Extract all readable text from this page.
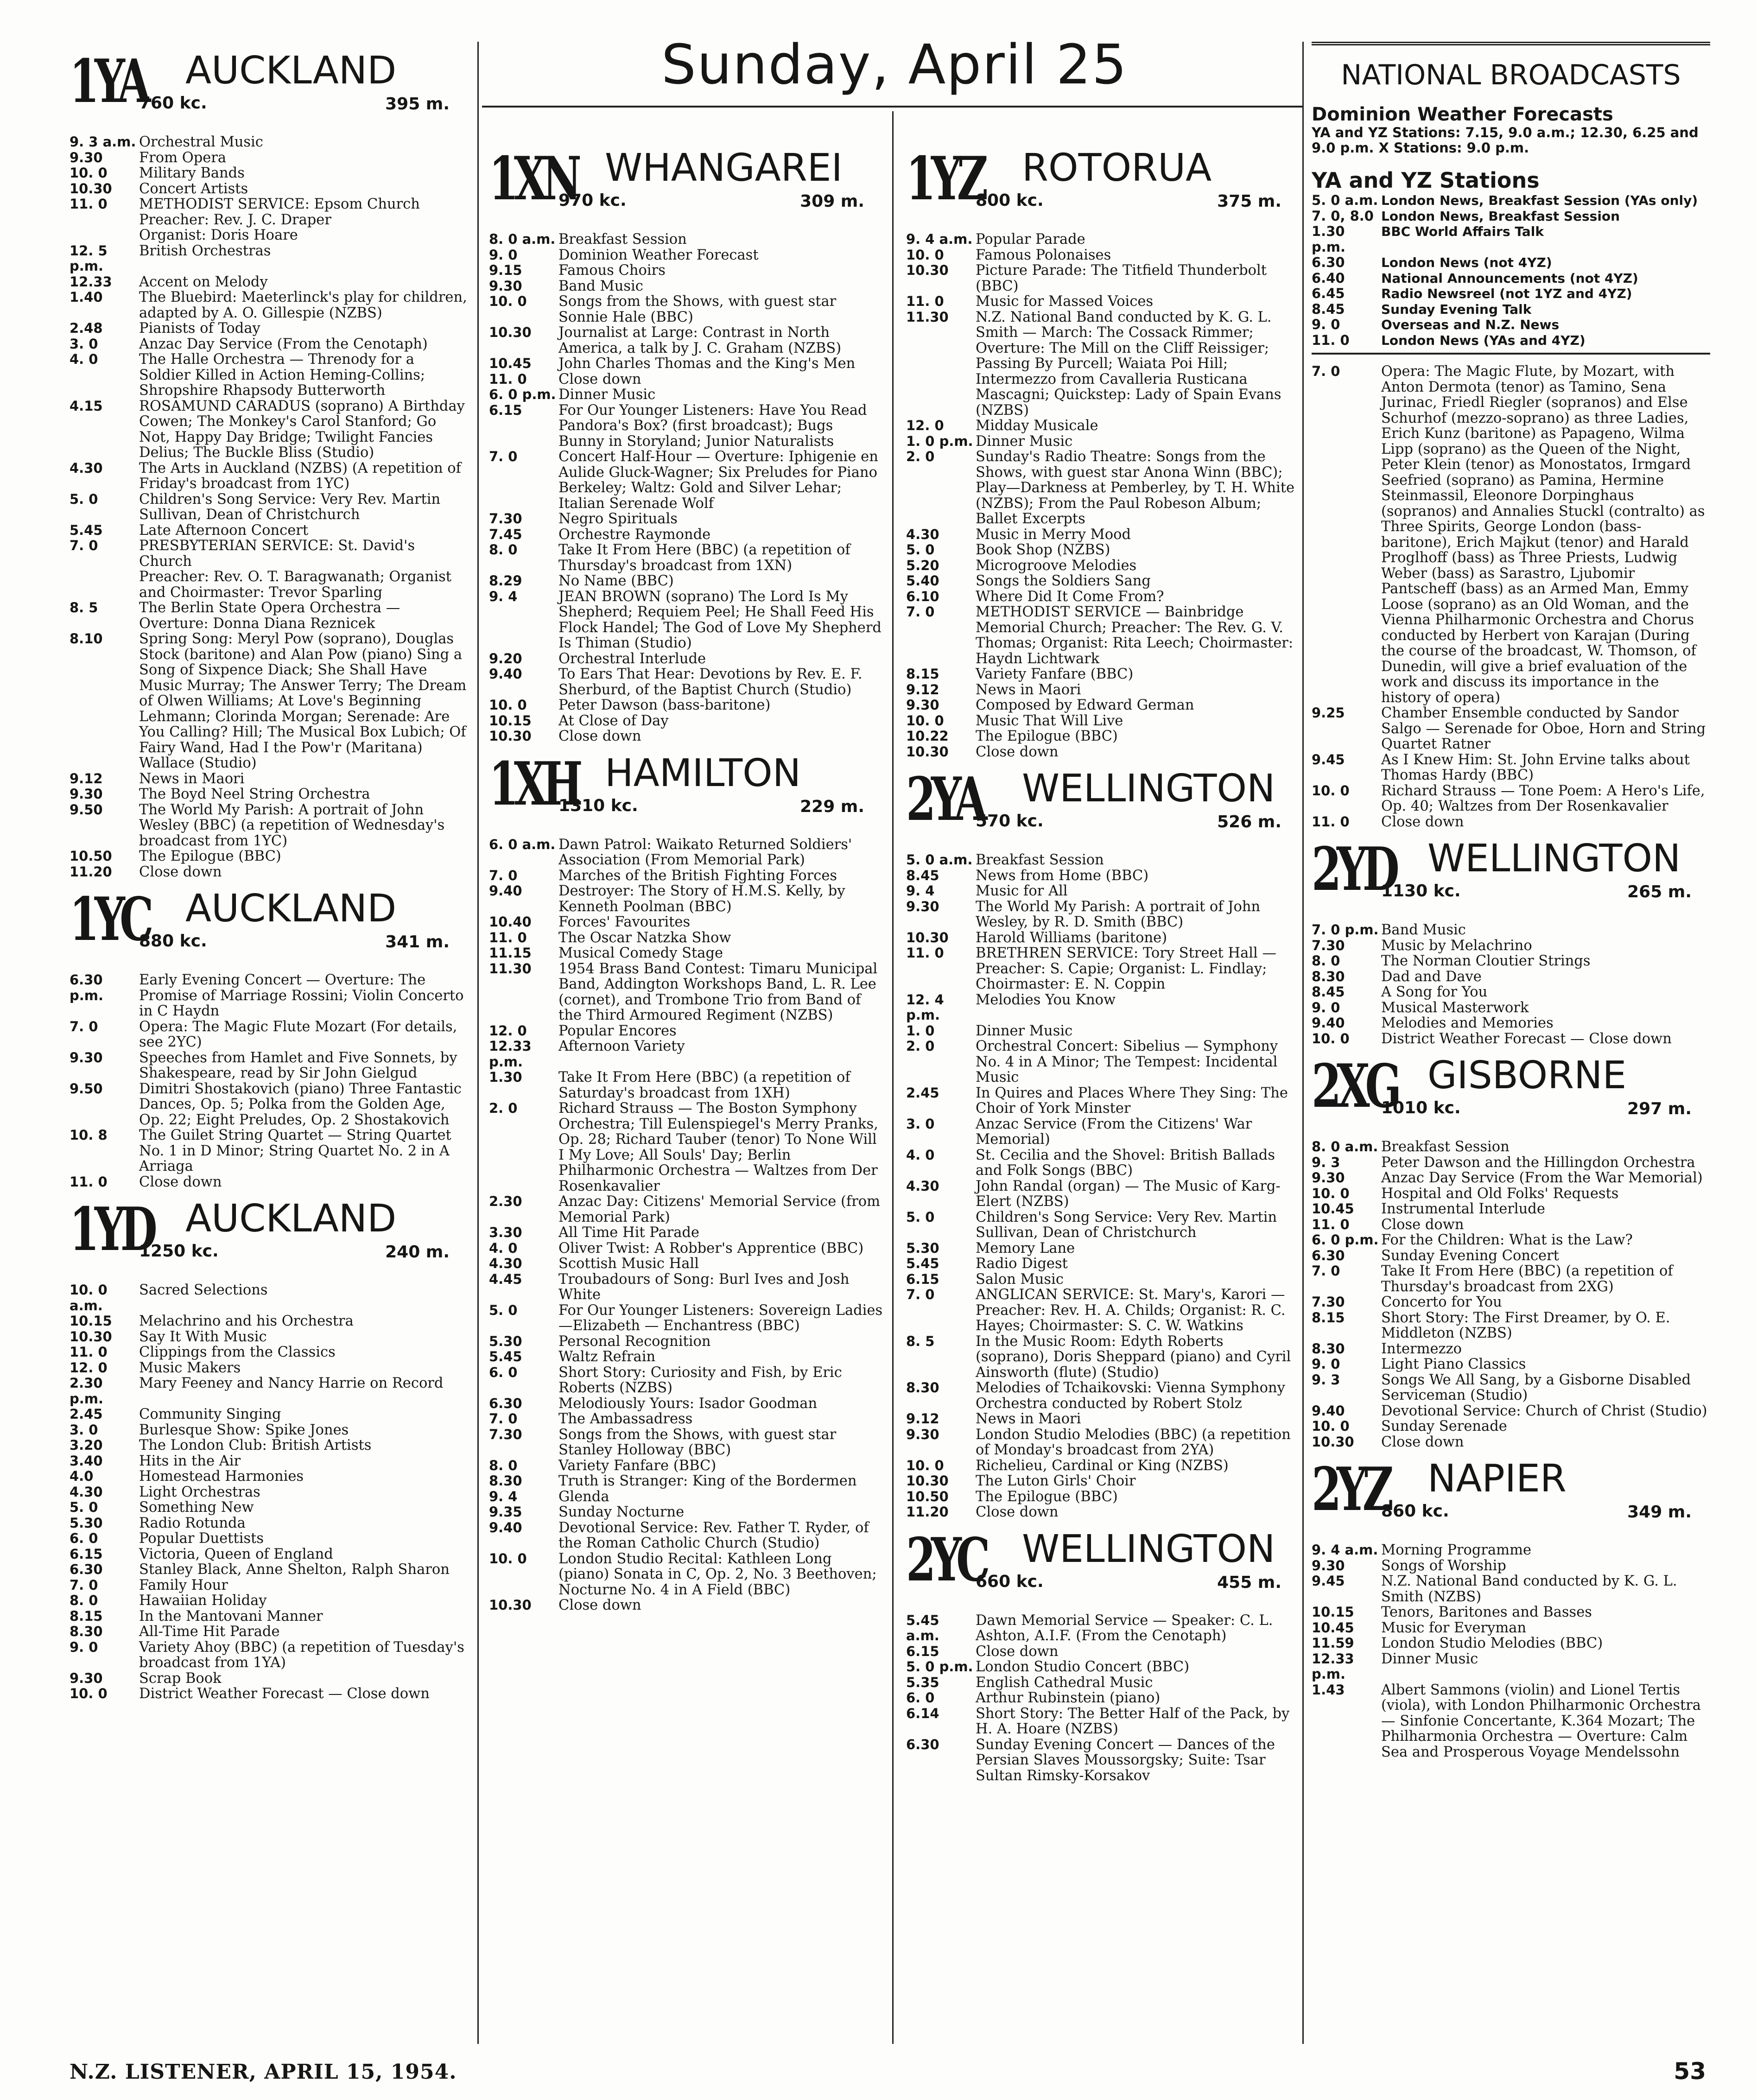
Sunday, April 25
1YA AUCKLAND
760 kc.	395 m.
9. 3 a.m. Orchestral Music
9.30	From Opera
10. 0	Military Bands
10.30	Concert Artists
11. 0	METHODIST SERVICE: Epsom Church
Preacher: Rev. J. C. Draper
Organist: Doris Hoare
12. 5 p.m.
British Orchestras
12.33	Accent on Melody
1.40	The Bluebird: Maeterlinck's play for children, adapted by A. O. Gillespie (NZBS)
2.48	Pianists of Today
3. 0	Anzac Day Service (From the Cenotaph)
4. 0	The Halle Orchestra — Threnody for a Soldier Killed in Action Heming-Collins; Shropshire Rhapsody Butterworth
4.15	ROSAMUND CARADUS (soprano) A Birthday Cowen; The Monkey's Carol Stanford; Go Not, Happy Day Bridge; Twilight Fancies Delius; The Buckle Bliss (Studio)
4.30	The Arts in Auckland (NZBS) (A repetition of Friday's broadcast from 1YC)
5. 0	Children's Song Service: Very Rev. Martin Sullivan, Dean of Christchurch
5.45	Late Afternoon Concert
7. 0	PRESBYTERIAN SERVICE: St. David's Church
Preacher: Rev. O. T. Baragwanath; Organist and Choirmaster: Trevor Sparling
8. 5	The Berlin State Opera Orchestra — Overture: Donna Diana Reznicek
8.10	Spring Song: Meryl Pow (soprano), Douglas Stock (baritone) and Alan Pow (piano) Sing a Song of Sixpence Diack; She Shall Have Music Murray; The Answer Terry; The Dream of Olwen Williams; At Love's Beginning Lehmann; Clorinda Morgan; Serenade: Are You Calling? Hill; The Musical Box Lubich; Of Fairy Wand, Had I the Pow'r (Maritana) Wallace (Studio)
9.12	News in Maori
9.30	The Boyd Neel String Orchestra
9.50	The World My Parish: A portrait of John Wesley (BBC) (a repetition of Wednesday's broadcast from 1YC)
10.50	The Epilogue (BBC)
11.20	Close down
1YC AUCKLAND
880 kc.	341 m.
6.30 p.m.
Early Evening Concert — Overture: The Promise of Marriage Rossini; Violin Concerto in C Haydn
7. 0	Opera: The Magic Flute Mozart (For details, see 2YC)
9.30	Speeches from Hamlet and Five Sonnets, by Shakespeare, read by Sir John Gielgud
9.50	Dimitri Shostakovich (piano) Three Fantastic Dances, Op. 5; Polka from the Golden Age, Op. 22; Eight Preludes, Op. 2 Shostakovich
10. 8	The Guilet String Quartet — String Quartet No. 1 in D Minor; String Quartet No. 2 in A Arriaga
11. 0	Close down
1YD AUCKLAND
1250 kc.	240 m.
10. 0 a.m.
Sacred Selections
10.15	Melachrino and his Orchestra
10.30	Say It With Music
11. 0	Clippings from the Classics
12. 0	Music Makers
2.30 p.m.
Mary Feeney and Nancy Harrie on Record
2.45	Community Singing
3. 0	Burlesque Show: Spike Jones
3.20	The London Club: British Artists
3.40	Hits in the Air
4.0	Homestead Harmonies
4.30	Light Orchestras
5. 0	Something New
5.30	Radio Rotunda
6. 0	Popular Duettists
6.15	Victoria, Queen of England
6.30	Stanley Black, Anne Shelton, Ralph Sharon
7. 0	Family Hour
8. 0	Hawaiian Holiday
8.15	In the Mantovani Manner
8.30	All-Time Hit Parade
9. 0	Variety Ahoy (BBC) (a repetition of Tuesday's broadcast from 1YA)
9.30	Scrap Book
10. 0	District Weather Forecast — Close down
1XN WHANGAREI
970 kc.	309 m.
8. 0 a.m. Breakfast Session
9. 0	Dominion Weather Forecast
9.15	Famous Choirs
9.30	Band Music
10. 0	Songs from the Shows, with guest star Sonnie Hale (BBC)
10.30	Journalist at Large: Contrast in North America, a talk by J. C. Graham (NZBS)
10.45	John Charles Thomas and the King's Men
11. 0	Close down
6. 0 p.m. Dinner Music
6.15	For Our Younger Listeners: Have You Read Pandora's Box? (first broadcast); Bugs Bunny in Storyland; Junior Naturalists
7. 0	Concert Half-Hour — Overture: Iphigenie en Aulide Gluck-Wagner; Six Preludes for Piano Berkeley; Waltz: Gold and Silver Lehar; Italian Serenade Wolf
7.30	Negro Spirituals
7.45	Orchestre Raymonde
8. 0	Take It From Here (BBC) (a repetition of Thursday's broadcast from 1XN)
8.29	No Name (BBC)
9. 4	JEAN BROWN (soprano) The Lord Is My Shepherd; Requiem Peel; He Shall Feed His Flock Handel; The God of Love My Shepherd Is Thiman (Studio)
9.20	Orchestral Interlude
9.40	To Ears That Hear: Devotions by Rev. E. F. Sherburd, of the Baptist Church (Studio)
10. 0	Peter Dawson (bass-baritone)
10.15	At Close of Day
10.30	Close down
1XH HAMILTON
1310 kc.	229 m.
6. 0 a.m. Dawn Patrol: Waikato Returned Soldiers' Association (From Memorial Park)
7. 0	Marches of the British Fighting Forces
9.40	Destroyer: The Story of H.M.S. Kelly, by Kenneth Poolman (BBC)
10.40	Forces' Favourites
11. 0	The Oscar Natzka Show
11.15	Musical Comedy Stage
11.30	1954 Brass Band Contest: Timaru Municipal Band, Addington Workshops Band, L. R. Lee (cornet), and Trombone Trio from Band of the Third Armoured Regiment (NZBS)
12. 0	Popular Encores
12.33 p.m.
Afternoon Variety
1.30	Take It From Here (BBC) (a repetition of Saturday's broadcast from 1XH)
2. 0	Richard Strauss — The Boston Symphony Orchestra; Till Eulenspiegel's Merry Pranks, Op. 28; Richard Tauber (tenor) To None Will I My Love; All Souls' Day; Berlin Philharmonic Orchestra — Waltzes from Der Rosenkavalier
2.30	Anzac Day: Citizens' Memorial Service (from Memorial Park)
3.30	All Time Hit Parade
4. 0	Oliver Twist: A Robber's Apprentice (BBC)
4.30	Scottish Music Hall
4.45	Troubadours of Song: Burl Ives and Josh White
5. 0	For Our Younger Listeners: Sovereign Ladies—Elizabeth — Enchantress (BBC)
5.30	Personal Recognition
5.45	Waltz Refrain
6. 0	Short Story: Curiosity and Fish, by Eric Roberts (NZBS)
6.30	Melodiously Yours: Isador Goodman
7. 0	The Ambassadress
7.30	Songs from the Shows, with guest star Stanley Holloway (BBC)
8. 0	Variety Fanfare (BBC)
8.30	Truth is Stranger: King of the Bordermen
9. 4	Glenda
9.35	Sunday Nocturne
9.40	Devotional Service: Rev. Father T. Ryder, of the Roman Catholic Church (Studio)
10. 0	London Studio Recital: Kathleen Long (piano) Sonata in C, Op. 2, No. 3 Beethoven; Nocturne No. 4 in A Field (BBC)
10.30	Close down
1YZ ROTORUA
800 kc.	375 m.
9. 4 a.m. Popular Parade
10. 0	Famous Polonaises
10.30	Picture Parade: The Titfield Thunderbolt (BBC)
11. 0	Music for Massed Voices
11.30	N.Z. National Band conducted by K. G. L. Smith — March: The Cossack Rimmer; Overture: The Mill on the Cliff Reissiger; Passing By Purcell; Waiata Poi Hill; Intermezzo from Cavalleria Rusticana Mascagni; Quickstep: Lady of Spain Evans (NZBS)
12. 0	Midday Musicale
1. 0 p.m. Dinner Music
2. 0	Sunday's Radio Theatre: Songs from the Shows, with guest star Anona Winn (BBC); Play—Darkness at Pemberley, by T. H. White (NZBS); From the Paul Robeson Album; Ballet Excerpts
4.30	Music in Merry Mood
5. 0	Book Shop (NZBS)
5.20	Microgroove Melodies
5.40	Songs the Soldiers Sang
6.10	Where Did It Come From?
7. 0	METHODIST SERVICE — Bainbridge Memorial Church; Preacher: The Rev. G. V. Thomas; Organist: Rita Leech; Choirmaster: Haydn Lichtwark
8.15	Variety Fanfare (BBC)
9.12	News in Maori
9.30	Composed by Edward German
10. 0	Music That Will Live
10.22	The Epilogue (BBC)
10.30	Close down
2YA WELLINGTON
570 kc.	526 m.
5. 0 a.m. Breakfast Session
8.45	News from Home (BBC)
9. 4	Music for All
9.30	The World My Parish: A portrait of John Wesley, by R. D. Smith (BBC)
10.30	Harold Williams (baritone)
11. 0	BRETHREN SERVICE: Tory Street Hall — Preacher: S. Capie; Organist: L. Findlay; Choirmaster: E. N. Coppin
12. 4 p.m.
Melodies You Know
1. 0	Dinner Music
2. 0	Orchestral Concert: Sibelius — Symphony No. 4 in A Minor; The Tempest: Incidental Music
2.45	In Quires and Places Where They Sing: The Choir of York Minster
3. 0	Anzac Service (From the Citizens' War Memorial)
4. 0	St. Cecilia and the Shovel: British Ballads and Folk Songs (BBC)
4.30	John Randal (organ) — The Music of Karg-Elert (NZBS)
5. 0	Children's Song Service: Very Rev. Martin Sullivan, Dean of Christchurch
5.30	Memory Lane
5.45	Radio Digest
6.15	Salon Music
7. 0	ANGLICAN SERVICE: St. Mary's, Karori — Preacher: Rev. H. A. Childs; Organist: R. C. Hayes; Choirmaster: S. C. W. Watkins
8. 5	In the Music Room: Edyth Roberts (soprano), Doris Sheppard (piano) and Cyril Ainsworth (flute) (Studio)
8.30	Melodies of Tchaikovski: Vienna Symphony Orchestra conducted by Robert Stolz
9.12	News in Maori
9.30	London Studio Melodies (BBC) (a repetition of Monday's broadcast from 2YA)
10. 0	Richelieu, Cardinal or King (NZBS)
10.30	The Luton Girls' Choir
10.50	The Epilogue (BBC)
11.20	Close down
2YC WELLINGTON
660 kc.	455 m.
5.45 a.m.
Dawn Memorial Service — Speaker: C. L. Ashton, A.I.F. (From the Cenotaph)
6.15	Close down
5. 0 p.m. London Studio Concert (BBC)
5.35	English Cathedral Music
6. 0	Arthur Rubinstein (piano)
6.14	Short Story: The Better Half of the Pack, by H. A. Hoare (NZBS)
6.30	Sunday Evening Concert — Dances of the Persian Slaves Moussorgsky; Suite: Tsar Sultan Rimsky-Korsakov
NATIONAL BROADCASTS
Dominion Weather Forecasts
YA and YZ Stations: 7.15, 9.0 a.m.; 12.30, 6.25 and 9.0 p.m. X Stations: 9.0 p.m.
YA and YZ Stations
5. 0 a.m. London News, Breakfast Session (YAs only)
7. 0, 8.0 London News, Breakfast Session
1.30 p.m.
BBC World Affairs Talk
6.30	London News (not 4YZ)
6.40	National Announcements (not 4YZ)
6.45	Radio Newsreel (not 1YZ and 4YZ)
8.45	Sunday Evening Talk
9. 0	Overseas and N.Z. News
11. 0	London News (YAs and 4YZ)
7. 0	Opera: The Magic Flute, by Mozart, with Anton Dermota (tenor) as Tamino, Sena Jurinac, Friedl Riegler (sopranos) and Else Schurhof (mezzo-soprano) as three Ladies, Erich Kunz (baritone) as Papageno, Wilma Lipp (soprano) as the Queen of the Night, Peter Klein (tenor) as Monostatos, Irmgard Seefried (soprano) as Pamina, Hermine Steinmassil, Eleonore Dorpinghaus (sopranos) and Annalies Stuckl (contralto) as Three Spirits, George London (bass-baritone), Erich Majkut (tenor) and Harald Proglhoff (bass) as Three Priests, Ludwig Weber (bass) as Sarastro, Ljubomir Pantscheff (bass) as an Armed Man, Emmy Loose (soprano) as an Old Woman, and the Vienna Philharmonic Orchestra and Chorus conducted by Herbert von Karajan (During the course of the broadcast, W. Thomson, of Dunedin, will give a brief evaluation of the work and discuss its importance in the history of opera)
9.25	Chamber Ensemble conducted by Sandor Salgo — Serenade for Oboe, Horn and String Quartet Ratner
9.45	As I Knew Him: St. John Ervine talks about Thomas Hardy (BBC)
10. 0	Richard Strauss — Tone Poem: A Hero's Life, Op. 40; Waltzes from Der Rosenkavalier
11. 0	Close down
2YD WELLINGTON
1130 kc.	265 m.
7. 0 p.m. Band Music
7.30	Music by Melachrino
8. 0	The Norman Cloutier Strings
8.30	Dad and Dave
8.45	A Song for You
9. 0	Musical Masterwork
9.40	Melodies and Memories
10. 0	District Weather Forecast — Close down
2XG GISBORNE
1010 kc.	297 m.
8. 0 a.m. Breakfast Session
9. 3	Peter Dawson and the Hillingdon Orchestra
9.30	Anzac Day Service (From the War Memorial)
10. 0	Hospital and Old Folks' Requests
10.45	Instrumental Interlude
11. 0	Close down
6. 0 p.m. For the Children: What is the Law?
6.30	Sunday Evening Concert
7. 0	Take It From Here (BBC) (a repetition of Thursday's broadcast from 2XG)
7.30	Concerto for You
8.15	Short Story: The First Dreamer, by O. E. Middleton (NZBS)
8.30	Intermezzo
9. 0	Light Piano Classics
9. 3	Songs We All Sang, by a Gisborne Disabled Serviceman (Studio)
9.40	Devotional Service: Church of Christ (Studio)
10. 0	Sunday Serenade
10.30	Close down
2YZ NAPIER
860 kc.	349 m.
9. 4 a.m. Morning Programme
9.30	Songs of Worship
9.45	N.Z. National Band conducted by K. G. L. Smith (NZBS)
10.15	Tenors, Baritones and Basses
10.45	Music for Everyman
11.59	London Studio Melodies (BBC)
12.33 p.m.
Dinner Music
1.43	Albert Sammons (violin) and Lionel Tertis (viola), with London Philharmonic Orchestra — Sinfonie Concertante, K.364 Mozart; The Philharmonia Orchestra — Overture: Calm Sea and Prosperous Voyage Mendelssohn
N.Z. LISTENER, APRIL 15, 1954.	53
